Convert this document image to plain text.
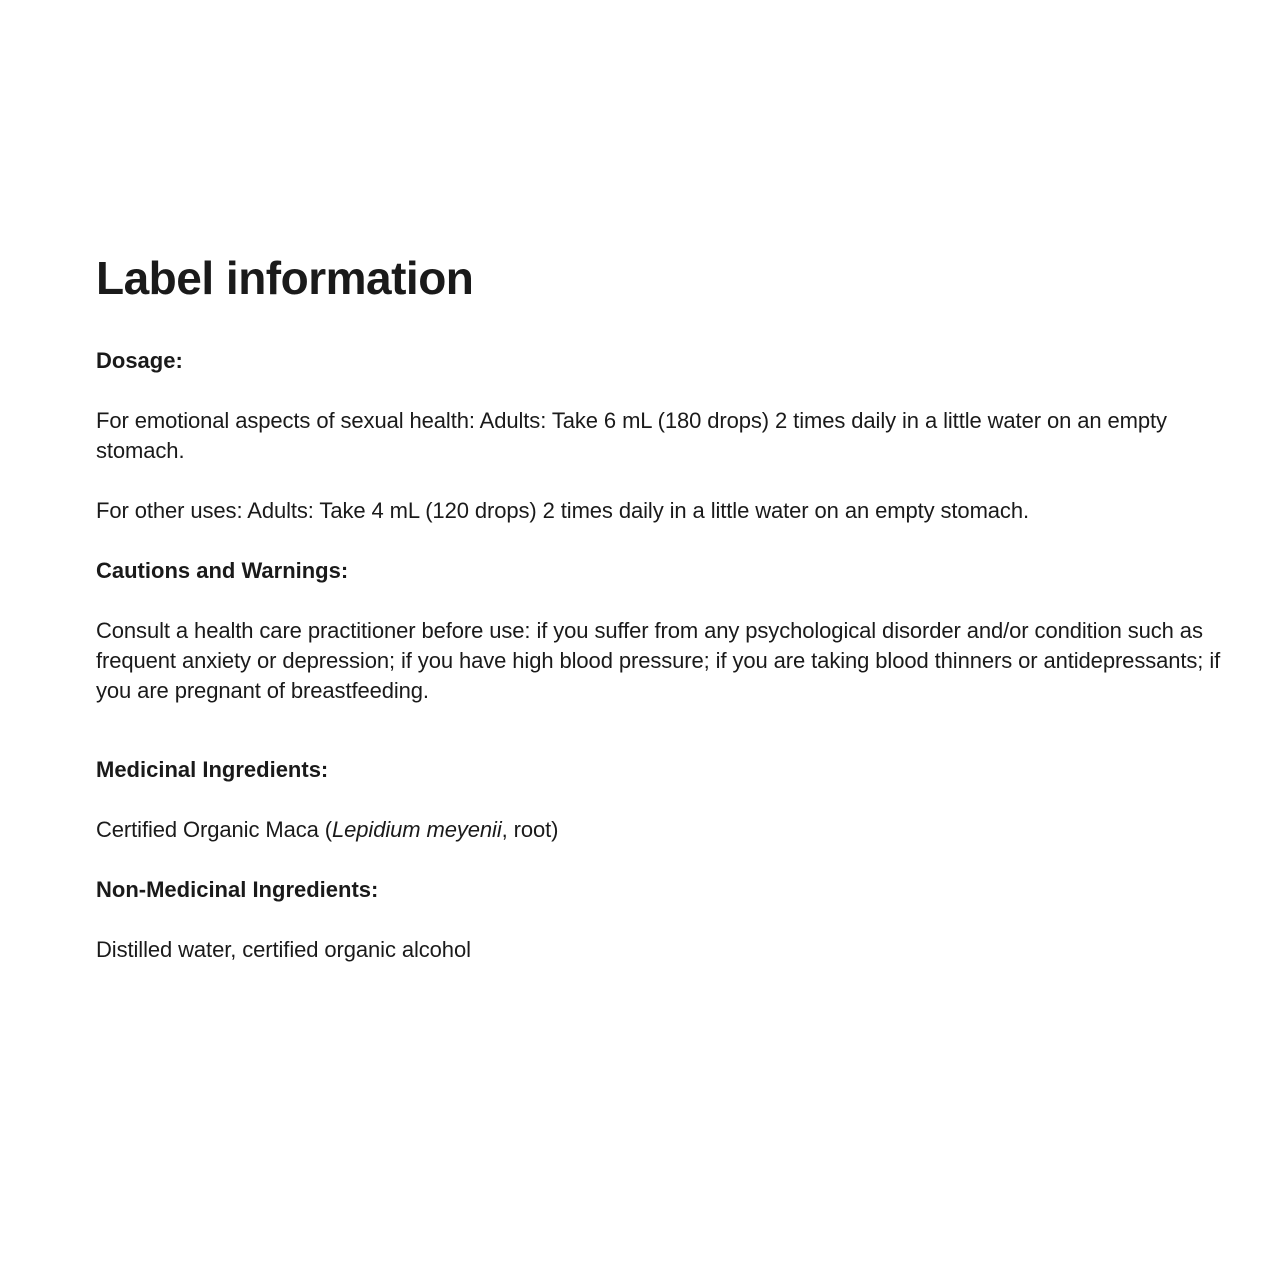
Label information

Dosage:

For emotional aspects of sexual health: Adults: Take 6 mL (180 drops) 2 times daily in a little water on an empty stomach.

For other uses: Adults: Take 4 mL (120 drops) 2 times daily in a little water on an empty stomach.

Cautions and Warnings:

Consult a health care practitioner before use: if you suffer from any psychological disorder and/or condition such as frequent anxiety or depression; if you have high blood pressure; if you are taking blood thinners or antidepressants; if you are pregnant of breastfeeding.

Medicinal Ingredients:

Certified Organic Maca (Lepidium meyenii, root)

Non-Medicinal Ingredients:

Distilled water, certified organic alcohol
